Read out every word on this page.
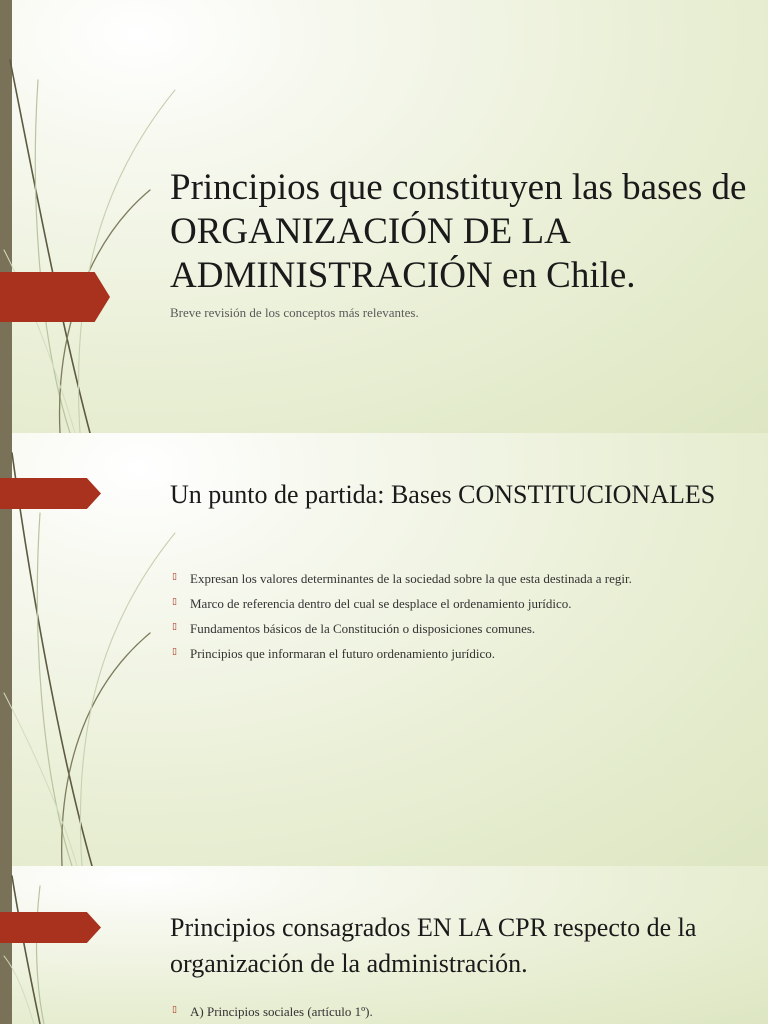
Principios que constituyen las bases de ORGANIZACIÓN DE LA ADMINISTRACIÓN en Chile.
Breve revisión de los conceptos más relevantes.
Un punto de partida: Bases CONSTITUCIONALES
▯ Expresan los valores determinantes de la sociedad sobre la que esta destinada a regir.
▯ Marco de referencia dentro del cual se desplace el ordenamiento jurídico.
▯ Fundamentos básicos de la Constitución o disposiciones comunes.
▯ Principios que informaran el futuro ordenamiento jurídico.
Principios consagrados EN LA CPR respecto de la organización de la administración.
▯ A) Principios sociales (artículo 1º).
